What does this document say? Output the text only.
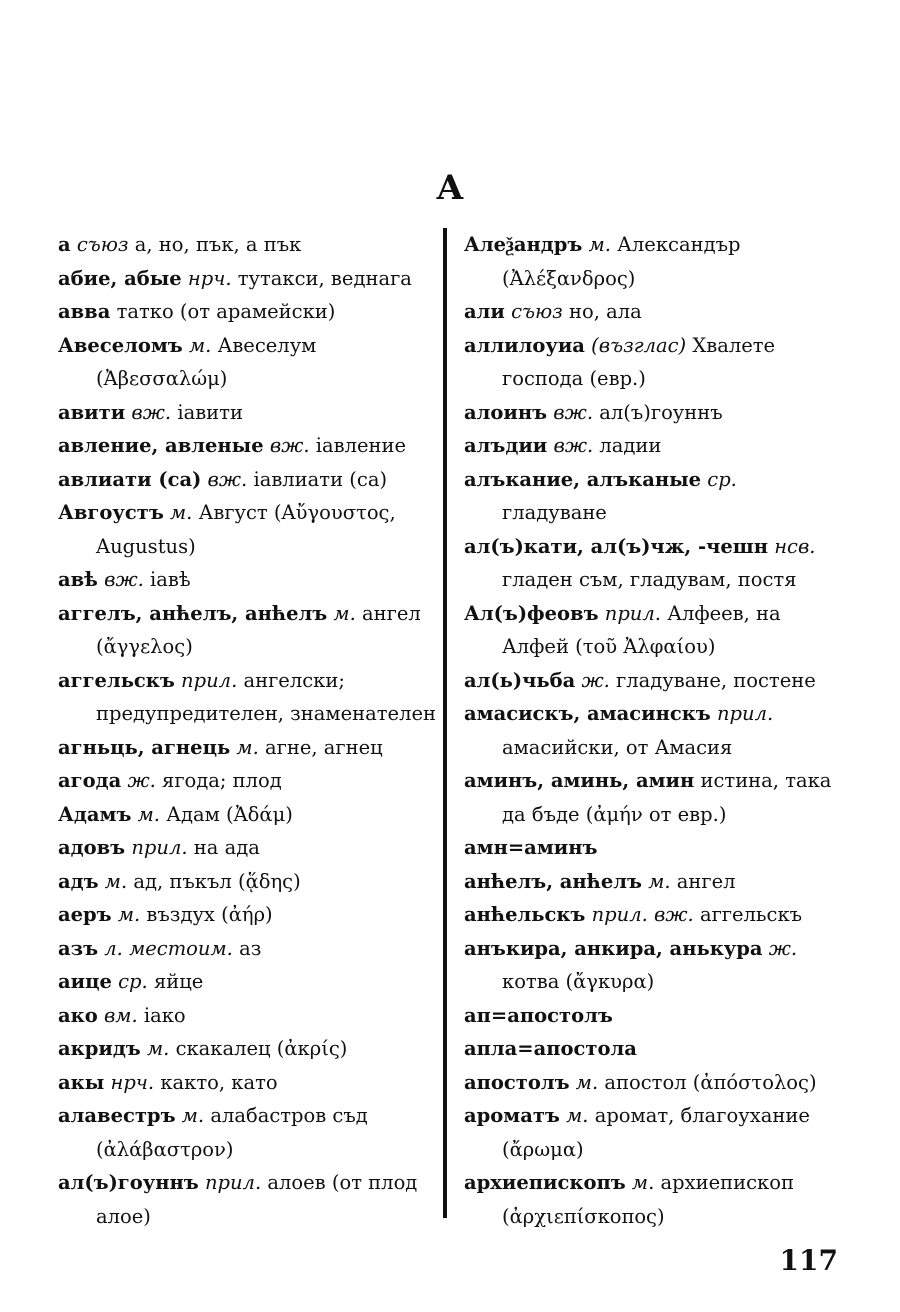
А
а съюз а, но, пък, а пък
абие, абые нрч. тутакси, веднага
авва татко (от арамейски)
Авеселомъ м. Авеселум (Ἀβεσσαλώμ)
авити вж. іавити
авление, авленые вж. іавление
авлиати (са) вж. іавлиати (са)
Авгоустъ м. Август (Αὔγουστος, Augustus)
авѣ вж. іавѣ
аггелъ, анћелъ, анћелъ м. ангел (ἄγγελος)
аггельскъ прил. ангелски; предупредителен, знаменателен
агньць, агнець м. агне, агнец
агода ж. ягода; плод
Адамъ м. Адам (Ἀδάμ)
адовъ прил. на ада
адъ м. ад, пъкъл (ᾅδης)
аеръ м. въздух (ἀήρ)
азъ л. местоим. аз
аице ср. яйце
ако вм. іако
акридъ м. скакалец (ἀκρίς)
акы нрч. както, като
алавестръ м. алабастров съд (ἀλάβαστρον)
ал(ъ)гоуннъ прил. алоев (от плод алое)
Алеѯандръ м. Александър (Ἀλέξανδρος)
али съюз но, ала
аллилоуиа (възглас) Хвалете господа (евр.)
алоинъ вж. ал(ъ)гоуннъ
алъдии вж. ладии
алъкание, алъканые ср. гладуване
ал(ъ)кати, ал(ъ)чж, -чешн нсв. гладен съм, гладувам, постя
Ал(ъ)феовъ прил. Алфеев, на Алфей (τοῦ Ἀλφαίου)
ал(ь)чьба ж. гладуване, постене
амасискъ, амасинскъ прил. амасийски, от Амасия
аминъ, аминь, амин истина, така да бъде (ἀμήν от евр.)
амн=аминъ
анћелъ, анћелъ м. ангел
анћельскъ прил. вж. аггельскъ
анъкира, анкира, анькура ж. котва (ἄγκυρα)
ап=апостолъ
апла=апостола
апостолъ м. апостол (ἀπόστολος)
ароматъ м. аромат, благоухание (ἄρωμα)
архиепископъ м. архиепископ (ἀρχιεπίσκοπος)
117
